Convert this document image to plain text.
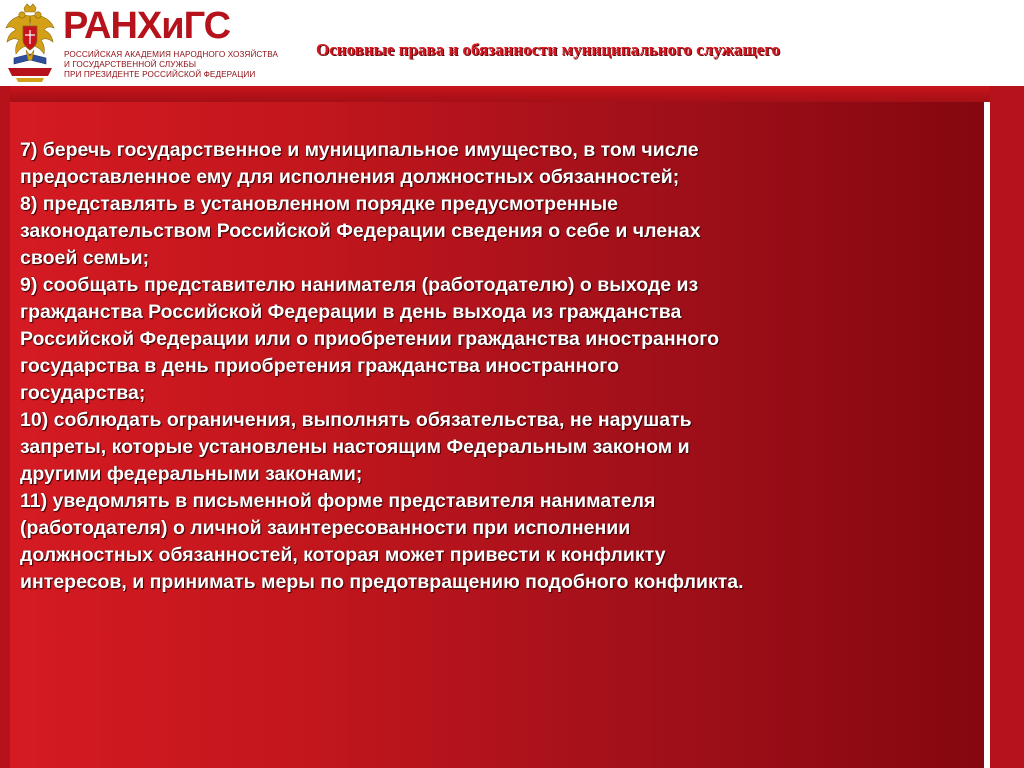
РАНХиГС
РОССИЙСКАЯ АКАДЕМИЯ НАРОДНОГО ХОЗЯЙСТВА
И ГОСУДАРСТВЕННОЙ СЛУЖБЫ
ПРИ ПРЕЗИДЕНТЕ РОССИЙСКОЙ ФЕДЕРАЦИИ
Основные права и обязанности муниципального служащего
7) беречь государственное и муниципальное имущество, в том числе
предоставленное ему для исполнения должностных обязанностей;
8) представлять в установленном порядке предусмотренные
законодательством Российской Федерации сведения о себе и членах
своей семьи;
9) сообщать представителю нанимателя (работодателю) о выходе из
гражданства Российской Федерации в день выхода из гражданства
Российской Федерации или о приобретении гражданства иностранного
государства в день приобретения гражданства иностранного
государства;
10) соблюдать ограничения, выполнять обязательства, не нарушать
запреты, которые установлены настоящим Федеральным законом и
другими федеральными законами;
11) уведомлять в письменной форме представителя нанимателя
(работодателя) о личной заинтересованности при исполнении
должностных обязанностей, которая может привести к конфликту
интересов, и принимать меры по предотвращению подобного конфликта.
